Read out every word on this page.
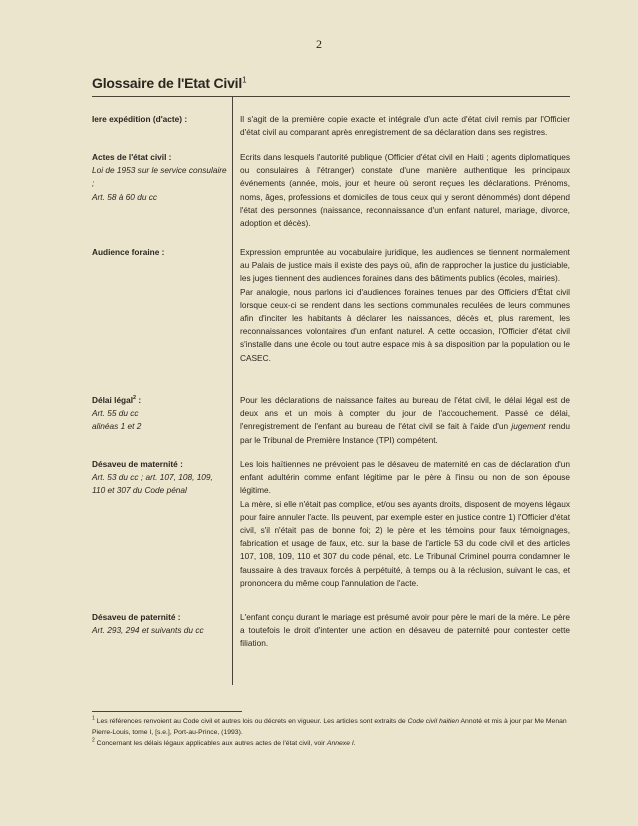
2
Glossaire de l'Etat Civil$^1$
Iere expédition (d'acte) :	Il s'agit de la première copie exacte et intégrale d'un acte d'état civil remis par l'Officier d'état civil au comparant après enregistrement de sa déclaration dans ses registres.

Actes de l'état civil :
Loi de 1953 sur le service consulaire ;
Art. 58 à 60 du cc

Ecrits dans lesquels l'autorité publique (Officier d'état civil en Haiti ; agents diplomatiques ou consulaires à l'étranger) constate d'une manière authentique les principaux événements (année, mois, jour et heure où seront reçues les déclarations. Prénoms, noms, âges, professions et domiciles de tous ceux qui y seront dénommés) dont dépend l'état des personnes (naissance, reconnaissance d'un enfant naturel, mariage, divorce, adoption et décès).

Audience foraine :	Expression empruntée au vocabulaire juridique, les audiences se tiennent normalement au Palais de justice mais il existe des pays où, afin de rapprocher la justice du justiciable, les juges tiennent des audiences foraines dans des bâtiments publics (écoles, mairies).

Par analogie, nous parlons ici d'audiences foraines tenues par des Officiers d'État civil lorsque ceux-ci se rendent dans les sections communales reculées de leurs communes afin d'inciter les habitants à déclarer les naissances, décès et, plus rarement, les reconnaissances volontaires d'un enfant naturel. A cette occasion, l'Officier d'état civil s'installe dans une école ou tout autre espace mis à sa disposition par la population ou le CASEC.

Délai légal$^2$ :
Art. 55 du cc
alinéas 1 et 2

Pour les déclarations de naissance faites au bureau de l'état civil, le délai légal est de deux ans et un mois à compter du jour de l'accouchement. Passé ce délai, l'enregistrement de l'enfant au bureau de l'état civil se fait à l'aide d'un jugement rendu par le Tribunal de Première Instance (TPI) compétent.

Désaveu de maternité :
Art. 53 du cc ; art. 107, 108, 109, 110 et 307 du Code pénal

Les lois haïtiennes ne prévoient pas le désaveu de maternité en cas de déclaration d'un enfant adultérin comme enfant légitime par le père à l'insu ou non de son épouse légitime.

La mère, si elle n'était pas complice, et/ou ses ayants droits, disposent de moyens légaux pour faire annuler l'acte. Ils peuvent, par exemple ester en justice contre 1) l'Officier d'état civil, s'il n'était pas de bonne foi; 2) le père et les témoins pour faux témoignages, fabrication et usage de faux, etc. sur la base de l'article 53 du code civil et des articles 107, 108, 109, 110 et 307 du code pénal, etc. Le Tribunal Criminel pourra condamner le faussaire à des travaux forcés à perpétuité, à temps ou à la réclusion, suivant le cas, et prononcera du même coup l'annulation de l'acte.

Désaveu de paternité :
Art. 293, 294 et suivants du cc

L'enfant conçu durant le mariage est présumé avoir pour père le mari de la mère. Le père a toutefois le droit d'intenter une action en désaveu de paternité pour contester cette filiation.

$^1$ Les références renvoient au Code civil et autres lois ou décrets en vigueur. Les articles sont extraits de Code civil haitien Annoté et mis à jour par Me Menan Pierre-Louis, tome I, [s.e.], Port-au-Prince, (1993).

$^2$ Concernant les délais légaux applicables aux autres actes de l'état civil, voir Annexe I.
